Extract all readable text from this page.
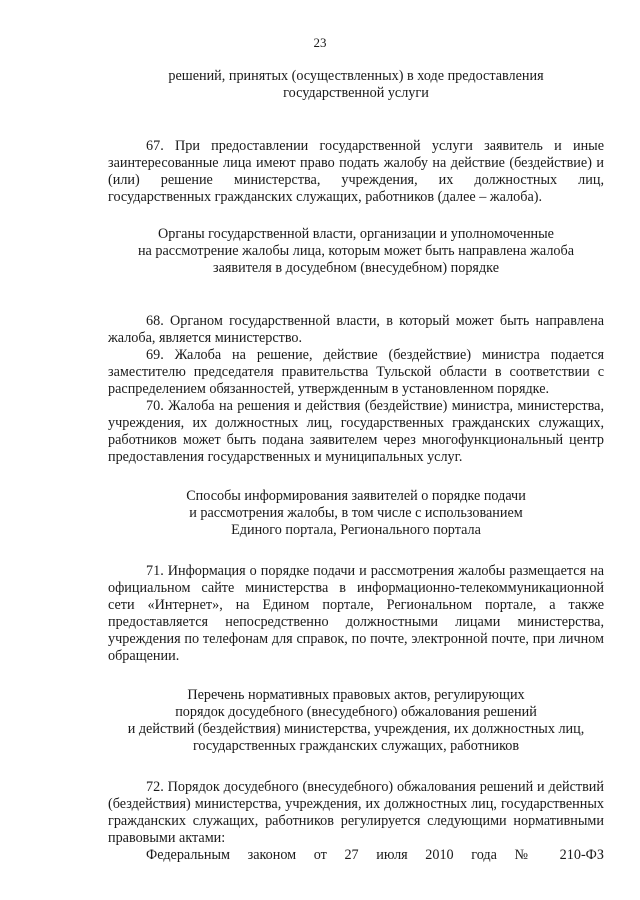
23

решений, принятых (осуществленных) в ходе предоставления
государственной услуги

67. При предоставлении государственной услуги заявитель и иные заинтересованные лица имеют право подать жалобу на действие (бездействие) и (или) решение министерства, учреждения, их должностных лиц, государственных гражданских служащих, работников (далее – жалоба).

Органы государственной власти, организации и уполномоченные
на рассмотрение жалобы лица, которым может быть направлена жалоба
заявителя в досудебном (внесудебном) порядке

68. Органом государственной власти, в который может быть направлена жалоба, является министерство.

69. Жалоба на решение, действие (бездействие) министра подается заместителю председателя правительства Тульской области в соответствии с распределением обязанностей, утвержденным в установленном порядке.

70. Жалоба на решения и действия (бездействие) министра, министерства, учреждения, их должностных лиц, государственных гражданских служащих, работников может быть подана заявителем через многофункциональный центр предоставления государственных и муниципальных услуг.

Способы информирования заявителей о порядке подачи
и рассмотрения жалобы, в том числе с использованием
Единого портала, Регионального портала

71. Информация о порядке подачи и рассмотрения жалобы размещается на официальном сайте министерства в информационно-телекоммуникационной сети «Интернет», на Едином портале, Региональном портале, а также предоставляется непосредственно должностными лицами министерства, учреждения по телефонам для справок, по почте, электронной почте, при личном обращении.

Перечень нормативных правовых актов, регулирующих
порядок досудебного (внесудебного) обжалования решений
и действий (бездействия) министерства, учреждения, их должностных лиц,
государственных гражданских служащих, работников

72. Порядок досудебного (внесудебного) обжалования решений и действий (бездействия) министерства, учреждения, их должностных лиц, государственных гражданских служащих, работников регулируется следующими нормативными правовыми актами:

Федеральным законом от 27 июля 2010 года № 210-ФЗ
